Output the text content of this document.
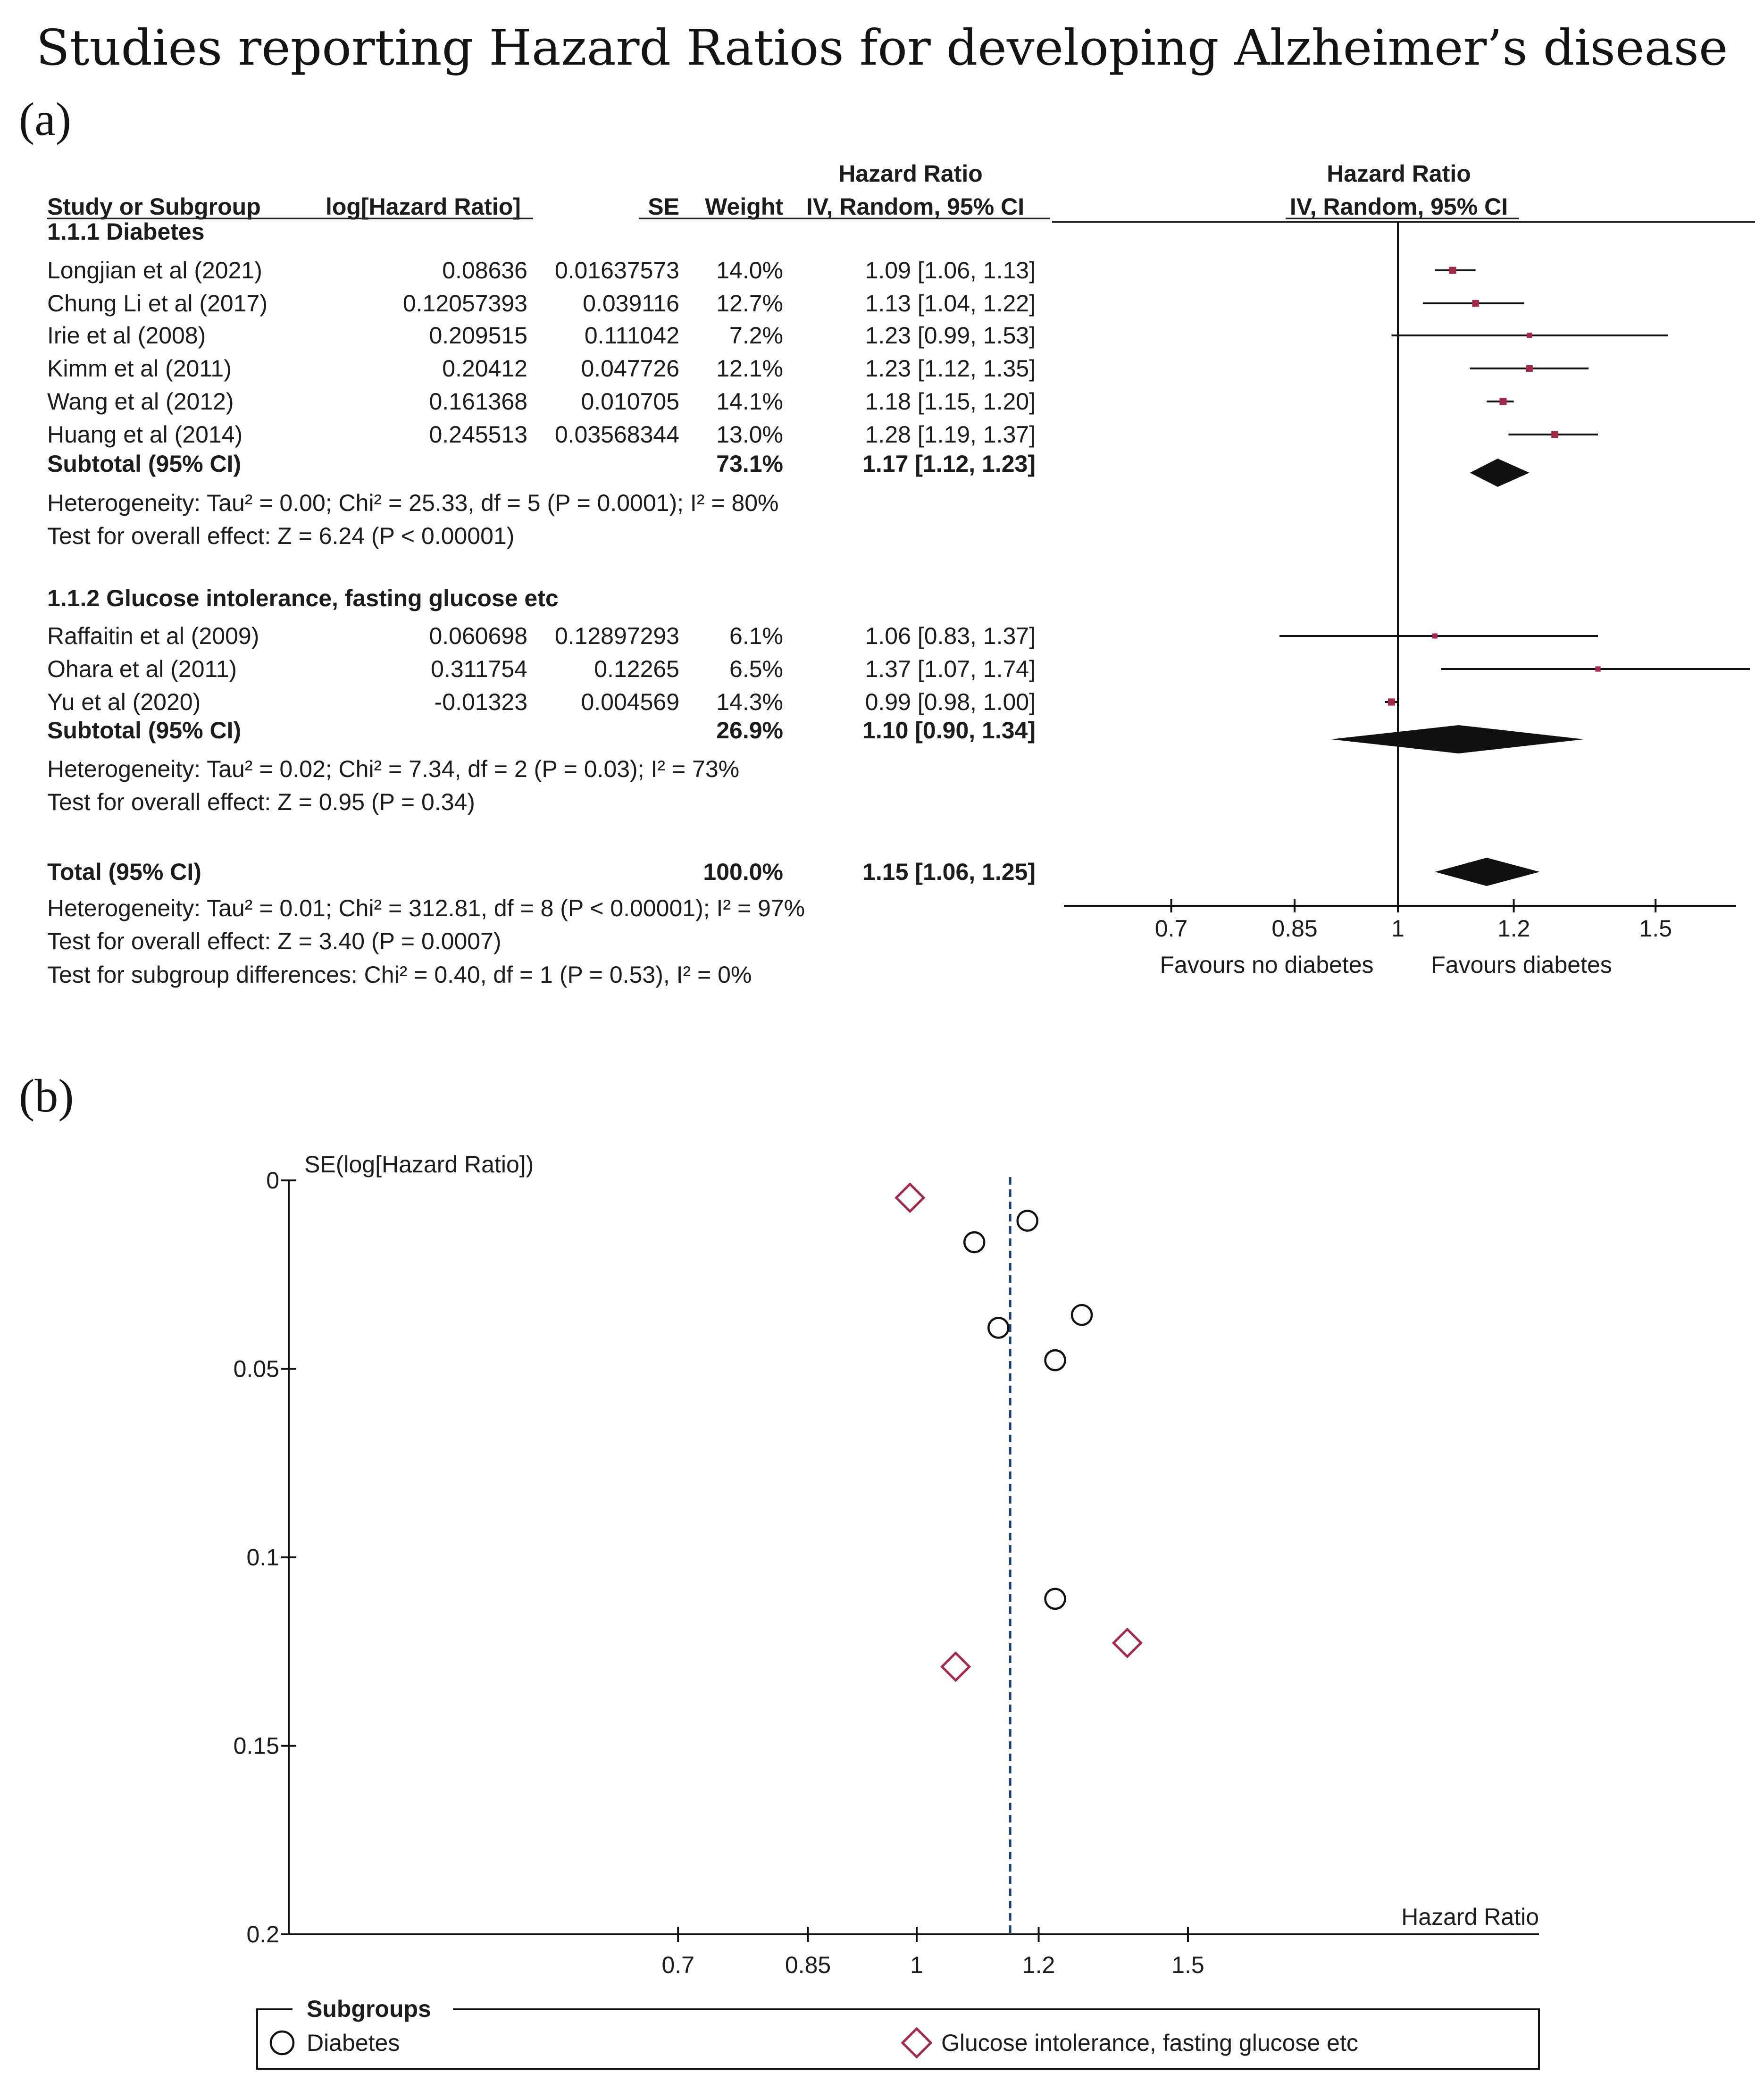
Studies reporting Hazard Ratios for developing Alzheimer’s disease
(a)
(b)
Hazard Ratio
Study or Subgroup	log[Hazard Ratio]	SE Weight IV, Random, 95% CI
Hazard Ratio
IV, Random, 95% CI
1.1.1 Diabetes
Longjian et al (2021)	0.08636 0.01637573 14.0%	1.09 [1.06, 1.13]
Chung Li et al (2017)	0.12057393 0.039116 12.7%	1.13 [1.04, 1.22]
Irie et al (2008)	0.209515 0.111042 7.2%	1.23 [0.99, 1.53]
Kimm et al (2011)	0.20412 0.047726 12.1%	1.23 [1.12, 1.35]
Wang et al (2012)	0.161368 0.010705 14.1%	1.18 [1.15, 1.20]
Huang et al (2014)	0.245513 0.03568344 13.0%	1.28 [1.19, 1.37]
Subtotal (95% CI)	73.1%	1.17 [1.12, 1.23]
Heterogeneity: Tau² = 0.00; Chi² = 25.33, df = 5 (P = 0.0001); I² = 80%
Test for overall effect: Z = 6.24 (P < 0.00001)
1.1.2 Glucose intolerance, fasting glucose etc
Raffaitin et al (2009)	0.060698 0.12897293 6.1%	1.06 [0.83, 1.37]
Ohara et al (2011)	0.311754	0.12265 6.5%	1.37 [1.07, 1.74]
Yu et al (2020)	-0.01323 0.004569 14.3%	0.99 [0.98, 1.00]
Subtotal (95% CI)	26.9%	1.10 [0.90, 1.34]
Heterogeneity: Tau² = 0.02; Chi² = 7.34, df = 2 (P = 0.03); I² = 73%
Test for overall effect: Z = 0.95 (P = 0.34)
Total (95% CI)	100.0%	1.15 [1.06, 1.25]
Heterogeneity: Tau² = 0.01; Chi² = 312.81, df = 8 (P < 0.00001); I² = 97%
Test for overall effect: Z = 3.40 (P = 0.0007)
Test for subgroup differences: Chi² = 0.40, df = 1 (P = 0.53), I² = 0%
0.7	0.85	1	1.2	1.5
Favours no diabetes Favours diabetes
SE(log[Hazard Ratio])
Hazard Ratio
0
0.05
0.1
0.15
0.2
0.7	0.85	1	1.2	1.5
Subgroups
Diabetes	Glucose intolerance, fasting glucose etc
